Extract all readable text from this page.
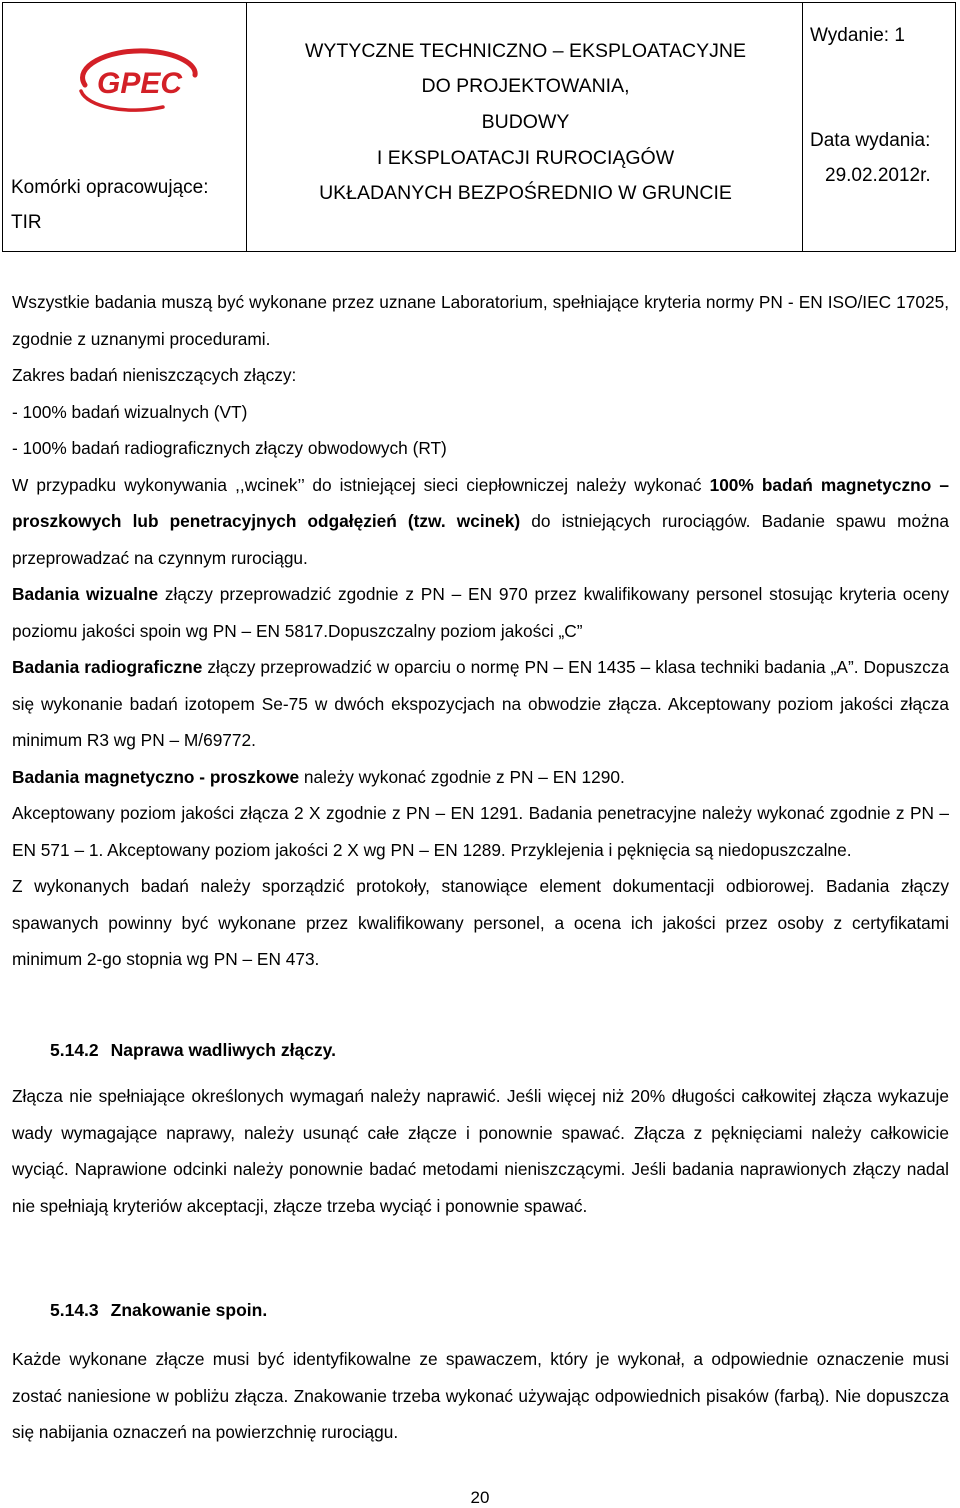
GPEC
Komórki opracowujące:
TIR
WYTYCZNE TECHNICZNO – EKSPLOATACYJNE
DO PROJEKTOWANIA,
BUDOWY
I EKSPLOATACJI RUROCIĄGÓW
UKŁADANYCH BEZPOŚREDNIO W GRUNCIE
Wydanie: 1
Data wydania:
29.02.2012r.

Wszystkie badania muszą być wykonane przez uznane Laboratorium, spełniające kryteria normy PN - EN ISO/IEC 17025, zgodnie z uznanymi procedurami.

Zakres badań nieniszczących złączy:

- 100% badań wizualnych (VT)

- 100% badań radiograficznych złączy obwodowych (RT)

W przypadku wykonywania ,,wcinek’’ do istniejącej sieci ciepłowniczej należy wykonać 100% badań magnetyczno – proszkowych lub penetracyjnych odgałęzień (tzw. wcinek) do istniejących rurociągów. Badanie spawu można przeprowadzać na czynnym rurociągu.

Badania wizualne złączy przeprowadzić zgodnie z PN – EN 970 przez kwalifikowany personel stosując kryteria oceny poziomu jakości spoin wg PN – EN 5817.Dopuszczalny poziom jakości „C”

Badania radiograficzne złączy przeprowadzić w oparciu o normę PN – EN 1435 – klasa techniki badania „A”. Dopuszcza się wykonanie badań izotopem Se-75 w dwóch ekspozycjach na obwodzie złącza. Akceptowany poziom jakości złącza minimum R3 wg PN – M/69772.

Badania magnetyczno - proszkowe należy wykonać zgodnie z PN – EN 1290.

Akceptowany poziom jakości złącza 2 X zgodnie z PN – EN 1291. Badania penetracyjne należy wykonać zgodnie z PN – EN 571 – 1. Akceptowany poziom jakości 2 X wg PN – EN 1289. Przyklejenia i pęknięcia są niedopuszczalne.

Z wykonanych badań należy sporządzić protokoły, stanowiące element dokumentacji odbiorowej. Badania złączy spawanych powinny być wykonane przez kwalifikowany personel, a ocena ich jakości przez osoby z certyfikatami minimum 2-go stopnia wg PN – EN 473.

5.14.2 Naprawa wadliwych złączy.

Złącza nie spełniające określonych wymagań należy naprawić. Jeśli więcej niż 20% długości całkowitej złącza wykazuje wady wymagające naprawy, należy usunąć całe złącze i ponownie spawać. Złącza z pęknięciami należy całkowicie wyciąć. Naprawione odcinki należy ponownie badać metodami nieniszczącymi. Jeśli badania naprawionych złączy nadal nie spełniają kryteriów akceptacji, złącze trzeba wyciąć i ponownie spawać.

5.14.3 Znakowanie spoin.

Każde wykonane złącze musi być identyfikowalne ze spawaczem, który je wykonał, a odpowiednie oznaczenie musi zostać naniesione w pobliżu złącza. Znakowanie trzeba wykonać używając odpowiednich pisaków (farbą). Nie dopuszcza się nabijania oznaczeń na powierzchnię rurociągu.

20
